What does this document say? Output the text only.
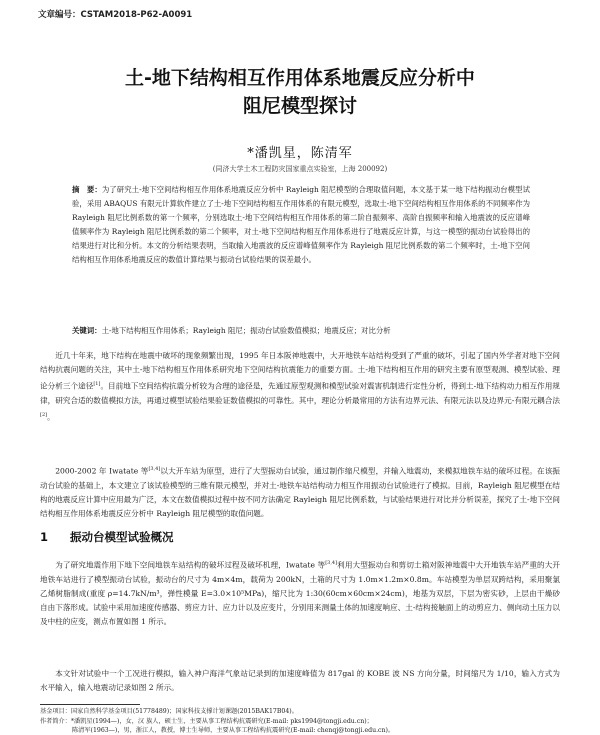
文章编号：CSTAM2018-P62-A0091
土-地下结构相互作用体系地震反应分析中
阻尼模型探讨
*潘凯星，陈清军
(同济大学土木工程防灾国家重点实验室，上海 200092)
摘　要：为了研究土-地下空间结构相互作用体系地震反应分析中 Rayleigh 阻尼模型的合理取值问题，本文基于某一地下结构振动台模型试验，采用 ABAQUS 有限元计算软件建立了土-地下空间结构相互作用体系的有限元模型，选取土-地下空间结构相互作用体系的不同频率作为 Rayleigh 阻尼比例系数的第一个频率，分别选取土-地下空间结构相互作用体系的第二阶自振频率、高阶自振频率和输入地震波的反应谱峰值频率作为 Rayleigh 阻尼比例系数的第二个频率，对土-地下空间结构相互作用体系进行了地震反应计算，与这一模型的振动台试验得出的结果进行对比和分析。本文的分析结果表明，当取输入地震波的反应谱峰值频率作为 Rayleigh 阻尼比例系数的第二个频率时，土-地下空间结构相互作用体系地震反应的数值计算结果与振动台试验结果的误差最小。
关键词：土-地下结构相互作用体系；Rayleigh 阻尼；振动台试验数值模拟；地震反应；对比分析
近几十年来，地下结构在地震中破坏的现象频繁出现，1995 年日本阪神地震中，大开地铁车站结构受到了严重的破坏，引起了国内外学者对地下空间结构抗震问题的关注，其中土-地下结构相互作用体系研究地下空间结构抗震能力的重要方面。土-地下结构相互作用的研究主要有原型观测、模型试验、理论分析三个途径[1]。目前地下空间结构抗震分析较为合理的途径是，先通过原型观测和模型试验对震害机制进行定性分析，得到土-地下结构动力相互作用规律，研究合适的数值模拟方法，再通过模型试验结果验证数值模拟的可靠性。其中，理论分析最常用的方法有边界元法、有限元法以及边界元-有限元耦合法[2]。
2000-2002 年 Iwatate 等[3,4]以大开车站为原型，进行了大型振动台试验，通过制作缩尺模型，并输入地震动，来模拟地铁车站的破坏过程。在该振动台试验的基础上，本文建立了该试验模型的三维有限元模型，并对土-地铁车站结构动力相互作用振动台试验进行了模拟。目前，Rayleigh 阻尼模型在结构的地震反应计算中应用最为广泛，本文在数值模拟过程中按不同方法确定 Rayleigh 阻尼比例系数，与试验结果进行对比并分析误差，探究了土-地下空间结构相互作用体系地震反应分析中 Rayleigh 阻尼模型的取值问题。
1 振动台模型试验概况
为了研究地震作用下地下空间地铁车站结构的破坏过程及破坏机理，Iwatate 等[3,4]利用大型振动台和剪切土箱对阪神地震中大开地铁车站严重的大开地铁车站进行了模型振动台试验，振动台的尺寸为 4m×4m，载荷为 200kN，土箱的尺寸为 1.0m×1.2m×0.8m。车站模型为单层双跨结构，采用聚氯乙烯树脂制成(重度 ρ=14.7kN/m³，弹性模量 E=3.0×10⁵MPa)，缩尺比为 1:30(60cm×60cm×24cm)，地基为双层，下层为密实砂，上层由干燥砂自由下落形成。试验中采用加速度传感器、剪应力计、应力计以及应变片，分别用来测量土体的加速度响应、土-结构接触面上的动剪应力、侧向动土压力以及中柱的应变，测点布置如图 1 所示。
本文针对试验中一个工况进行模拟，输入神户海洋气象站记录到的加速度峰值为 817gal 的 KOBE 波 NS 方向分量，时间缩尺为 1/10，输入方式为水平输入，输入地震动记录如图 2 所示。
基金项目：国家自然科学基金项目(51778489)；国家科技支撑计划课题(2015BAK17B04)。
作者简介：*潘凯星(1994—)，女，汉 族人，硕士生，主要从事工程结构抗震研究(E-mail: pks1994@tongji.edu.cn)；
陈清军(1963—)，男，浙江人，教授，博士生导师，主要从事工程结构抗震研究(E-mail: chenqj@tongji.edu.cn)。
